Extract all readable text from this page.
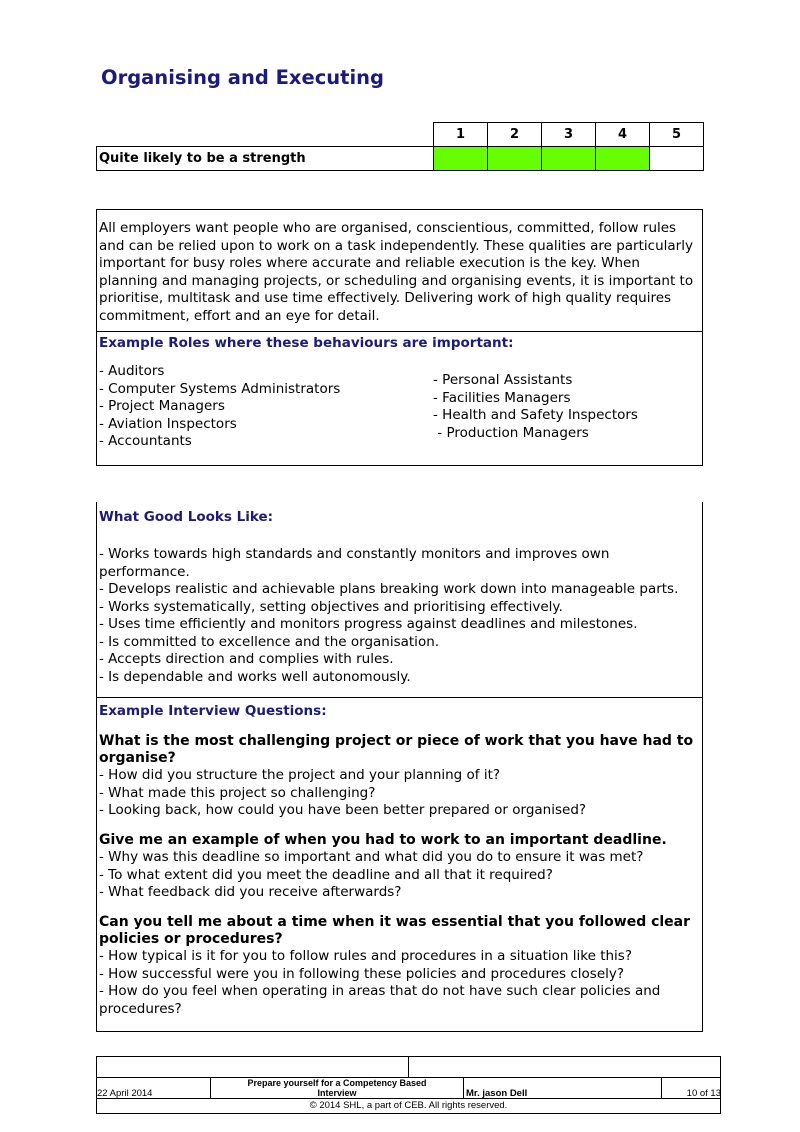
Organising and Executing
	1	2	3	4	5
Quite likely to be a strength					

All employers want people who are organised, conscientious, committed, follow rules

and can be relied upon to work on a task independently. These qualities are particularly

important for busy roles where accurate and reliable execution is the key. When

planning and managing projects, or scheduling and organising events, it is important to

prioritise, multitask and use time effectively. Delivering work of high quality requires

commitment, effort and an eye for detail.

Example Roles where these behaviours are important:

- Auditors

- Computer Systems Administrators

- Project Managers

- Aviation Inspectors

- Accountants

- Personal Assistants

- Facilities Managers

- Health and Safety Inspectors

- Production Managers

What Good Looks Like:

- Works towards high standards and constantly monitors and improves own

performance.

- Develops realistic and achievable plans breaking work down into manageable parts.

- Works systematically, setting objectives and prioritising effectively.

- Uses time efficiently and monitors progress against deadlines and milestones.

- Is committed to excellence and the organisation.

- Accepts direction and complies with rules.

- Is dependable and works well autonomously.

Example Interview Questions:

What is the most challenging project or piece of work that you have had to

organise?

- How did you structure the project and your planning of it?

- What made this project so challenging?

- Looking back, how could you have been better prepared or organised?

Give me an example of when you had to work to an important deadline.

- Why was this deadline so important and what did you do to ensure it was met?

- To what extent did you meet the deadline and all that it required?

- What feedback did you receive afterwards?

Can you tell me about a time when it was essential that you followed clear

policies or procedures?

- How typical is it for you to follow rules and procedures in a situation like this?

- How successful were you in following these policies and procedures closely?

- How do you feel when operating in areas that do not have such clear policies and

procedures?

22 April 2014
Prepare yourself for a Competency Based
Interview	Mr. jason Dell	10 of 13
© 2014 SHL, a part of CEB. All rights reserved.
